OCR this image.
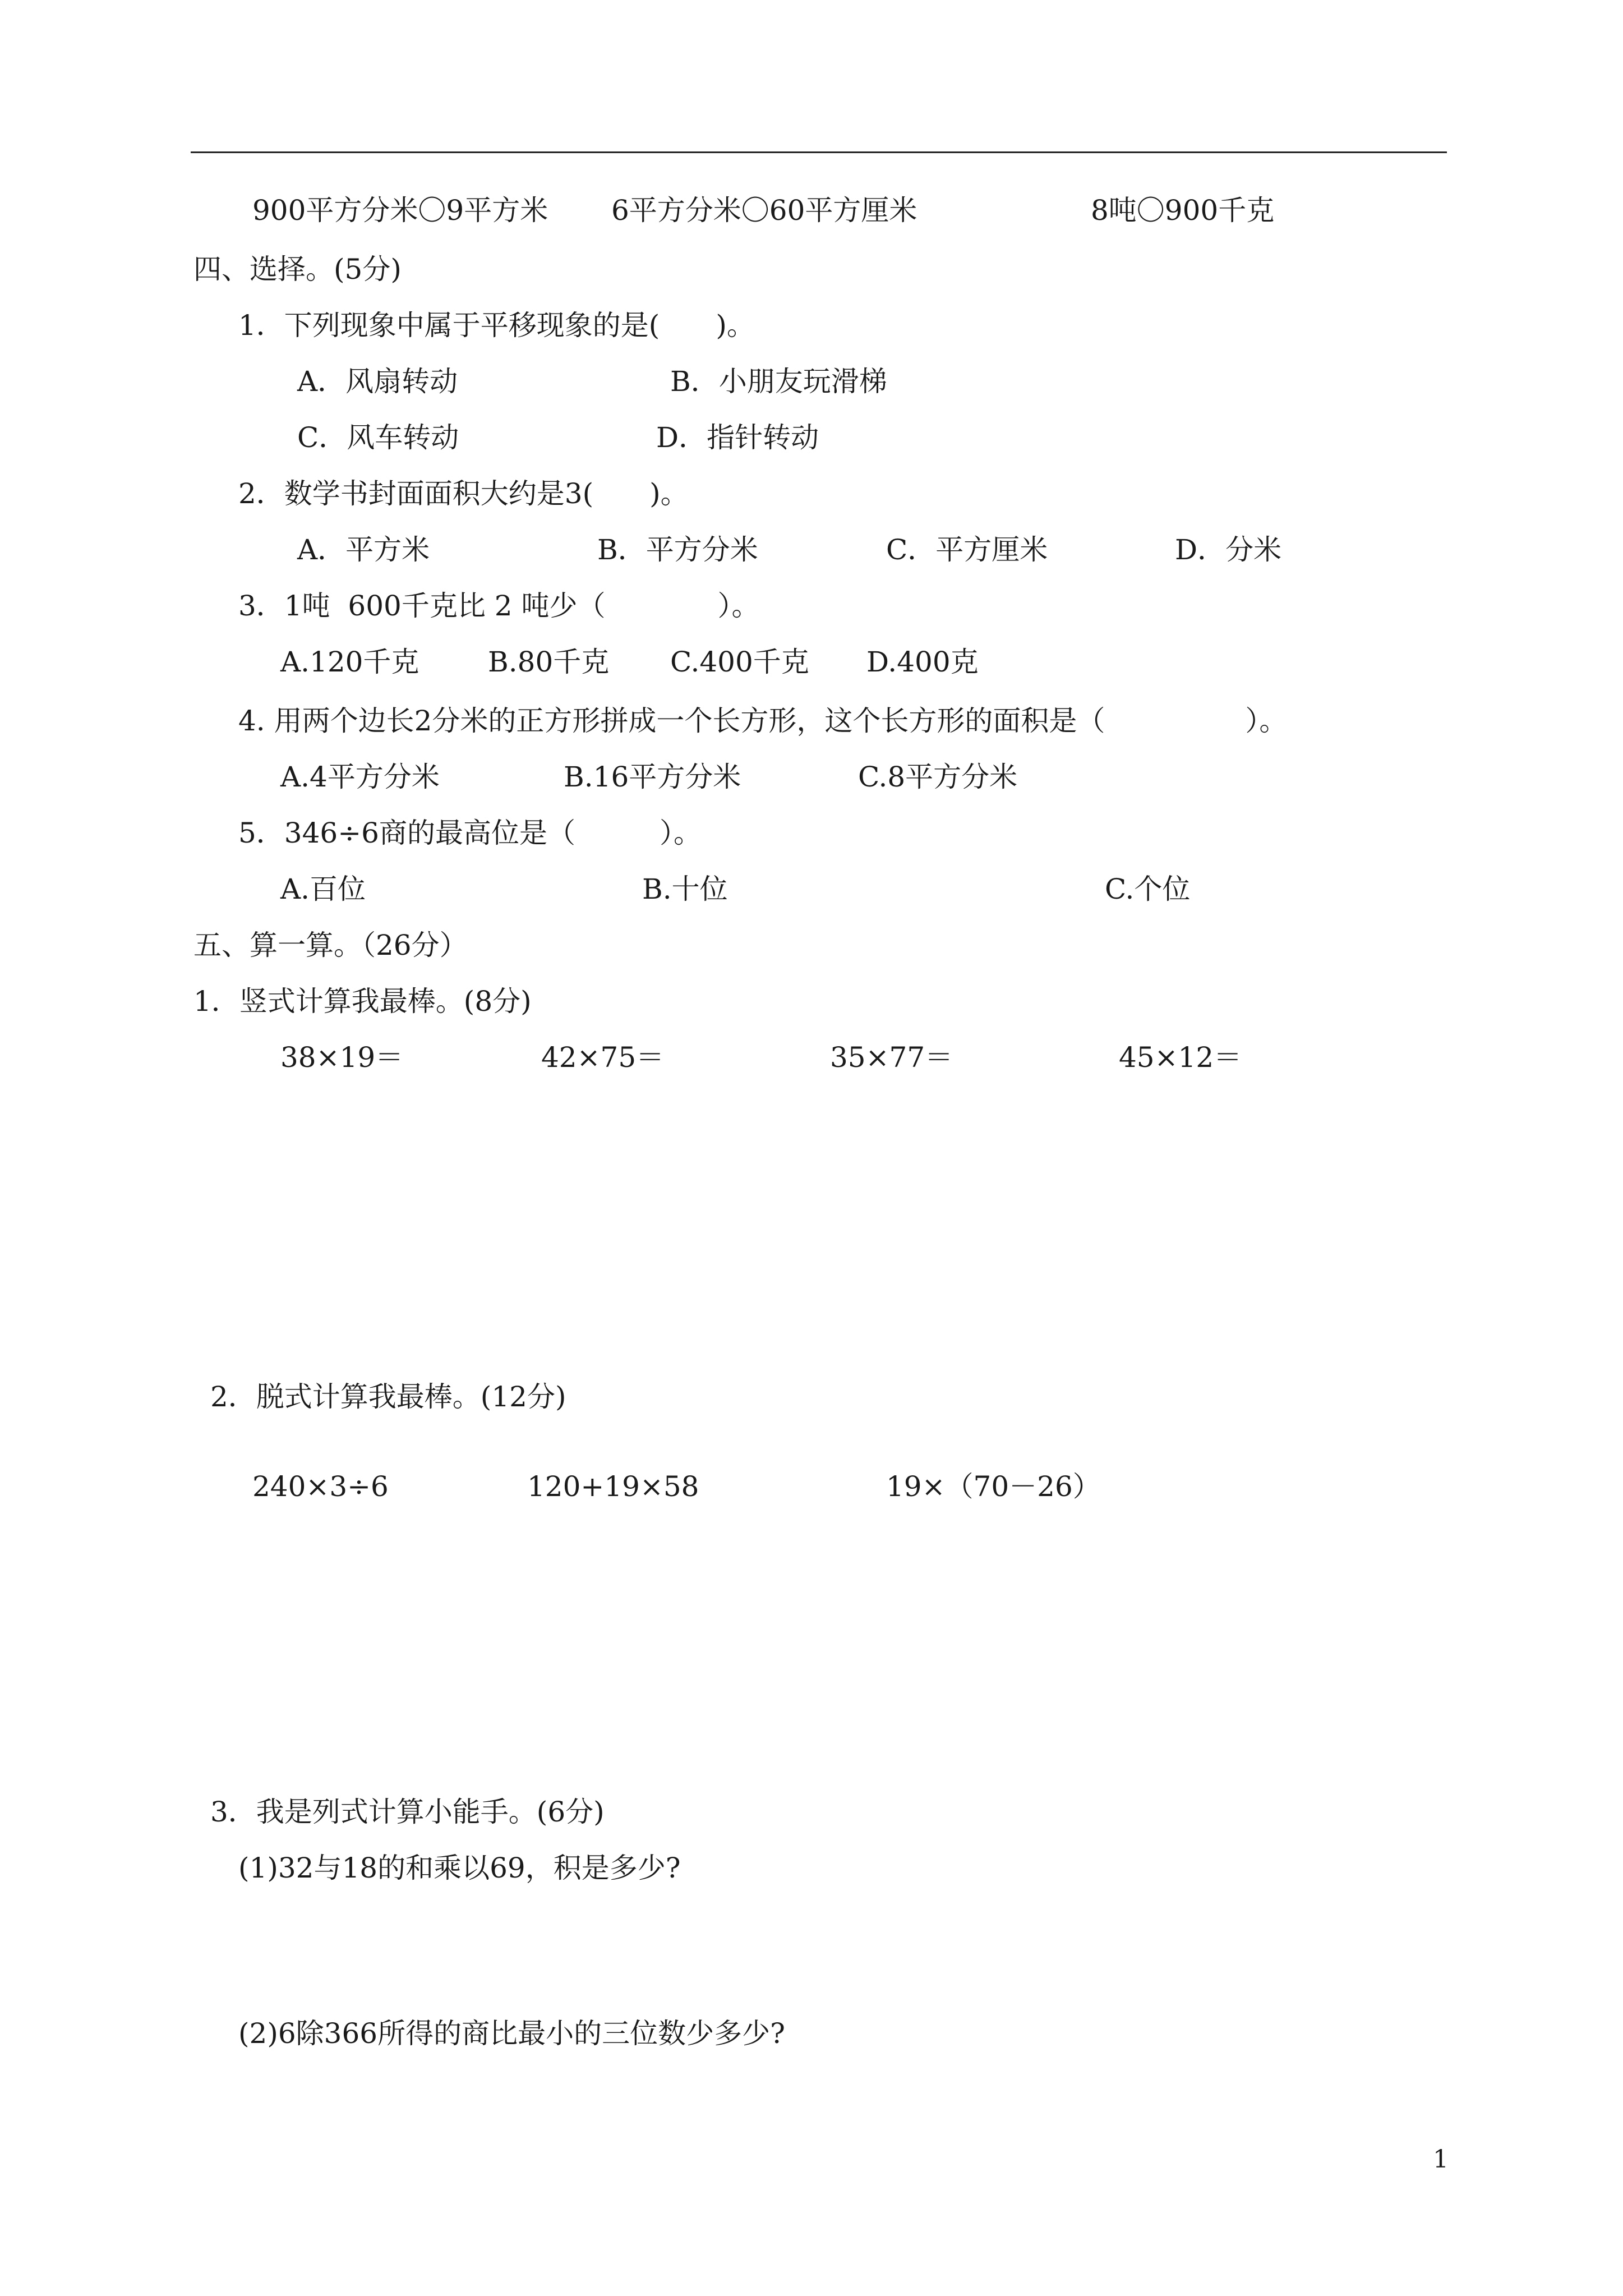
900平方分米〇9平方米 6平方分米〇60平方厘米	8吨〇900千克
四、选择。(5分)
1．下列现象中属于平移现象的是(　　)。
A．风扇转动	B．小朋友玩滑梯
C．风车转动	D．指针转动
2．数学书封面面积大约是3(　　)。
A．平方米	B．平方分米	C．平方厘米	D．分米
3．1吨  600千克比 2 吨少（　　　　）。
A.120千克 B.80千克 C.400千克 D.400克
4. 用两个边长2分米的正方形拼成一个长方形，这个长方形的面积是（　　　　　）。
A.4平方分米	B.16平方分米	C.8平方分米
5．346÷6商的最高位是（　　　）。
A.百位	B.十位	C.个位
五、算一算。（26分）
1．竖式计算我最棒。(8分)
38×19＝	42×75＝	35×77＝	45×12＝
2．脱式计算我最棒。(12分)
240×3÷6	120+19×58	19×（70－26）
3．我是列式计算小能手。(6分)
(1)32与18的和乘以69，积是多少?
(2)6除366所得的商比最小的三位数少多少?
1
